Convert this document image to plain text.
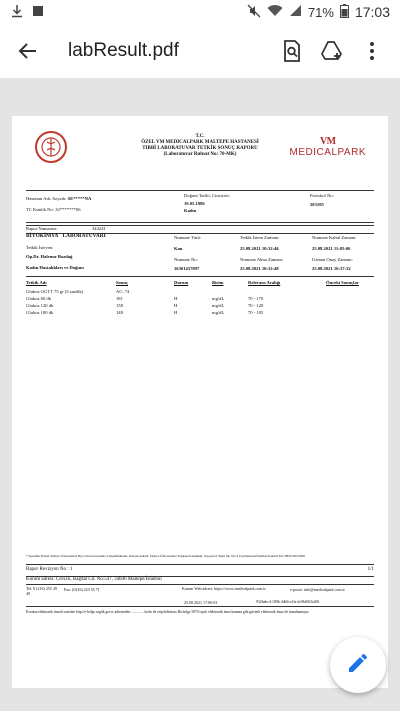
71% 17:03
labResult.pdf
T.C.
ÖZEL VM MEDICALPARK MALTEPE HASTANESİ
TIBBİ LABORATUVAR TETKİK SONUÇ RAPORU
(Laboratuvar Ruhsat No: 70-MK)
VM
MEDICALPARK
Hastanın Adı, Soyadı: SE*****NA
TC Kimlik No: 33*******06
Doğum Tarihi, Cinsiyeti:
19.05.1986
Kadın
Protokol No:
203105
Rapor Numarası:	344241
BİYOKİMYA LABORATUVARI
Tetkik İsteyen:
Op.Dr. Halenur Bozdağ
Kadın Hastalıkları ve Doğum
Numune Türü:
Kan
Numune No:
16301437097
Tetkik İstem Zamanı:
25.08.2021 10:32:46
Numune Alma Zamanı:
25.08.2021 10:32:48
Numune Kabul Zamanı:
25.08.2021 11:05:06
Uzman Onay Zamanı:
25.08.2021 16:37:32
Tetkik Adı	Sonuç	Durum	Birim	Referans Aralığı	Önceki Sonuçlar
Glukoz OGTT 75 gr (3 saatlik)	AC: 74
Glukoz 60 dk	181	H	mg/dL	70 - 170
Glukoz 120 dk	158	H	mg/dL	70 - 120
Glukoz 180 dk	148	H	mg/dL	70 - 105
* Spesifik Testler İstinye Üniversitesi Dış Laboratuvarında Çalışılmaktadır. Kurum Adresi: İstinye Üniversitesi Topkapı Kampüsü, Teyyareci Sami Sk. No:3 Zeytinburnu/İstanbul Kurum Tel: 0850 283 6000
Rapor Revizyon No : 1	1/1
Kurum adresi: Cevizli, Bağdat Cd. No:547, 34846 Maltepe/İstanbul
Tel: 0 (216) 255 49 49
Fax: (0216) 223 55 71	Kurum Web adresi: https://www.medicalpark.com.tr	e-posta: info@medicalpark.com.tr
25.08.2021 17:00:03	932babc4-189b-4db6-a1fa-dc9bf063a206
Evrakın elektronik imzalı suretine http://e-belge.saglik.gov.tr adresinden .............. kodu ile erişebilirsiniz.Bu belge 5070 sayılı elektronik imza kanunu gibi güvenli elektronik imza ile imzalanmıştır.
